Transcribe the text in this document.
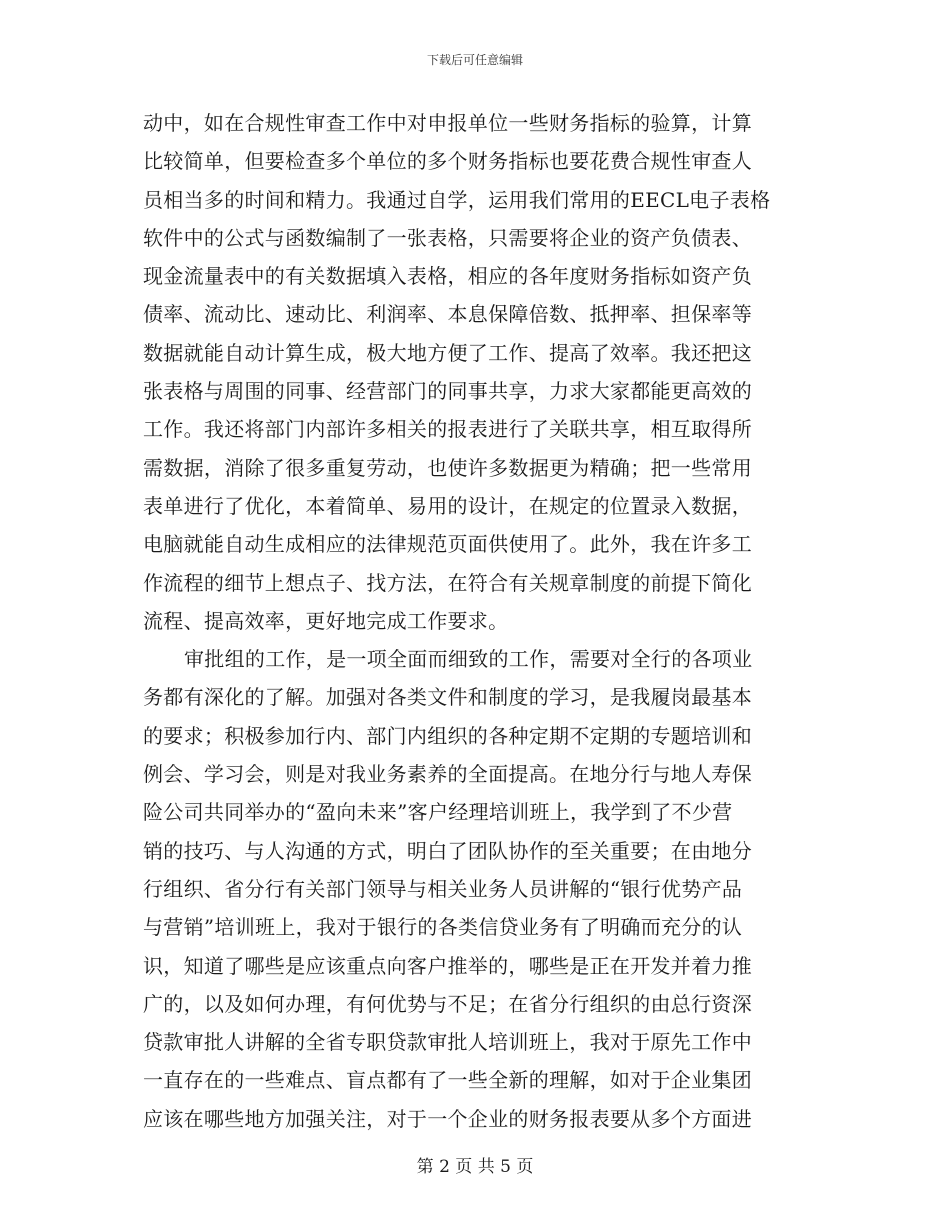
下载后可任意编辑
动中，如在合规性审查工作中对申报单位一些财务指标的验算，计算
比较简单，但要检查多个单位的多个财务指标也要花费合规性审查人
员相当多的时间和精力。我通过自学，运用我们常用的EECL电子表格
软件中的公式与函数编制了一张表格，只需要将企业的资产负债表、
现金流量表中的有关数据填入表格，相应的各年度财务指标如资产负
债率、流动比、速动比、利润率、本息保障倍数、抵押率、担保率等
数据就能自动计算生成，极大地方便了工作、提高了效率。我还把这
张表格与周围的同事、经营部门的同事共享，力求大家都能更高效的
工作。我还将部门内部许多相关的报表进行了关联共享，相互取得所
需数据，消除了很多重复劳动，也使许多数据更为精确；把一些常用
表单进行了优化，本着简单、易用的设计，在规定的位置录入数据，
电脑就能自动生成相应的法律规范页面供使用了。此外，我在许多工
作流程的细节上想点子、找方法，在符合有关规章制度的前提下简化
流程、提高效率，更好地完成工作要求。
审批组的工作，是一项全面而细致的工作，需要对全行的各项业
务都有深化的了解。加强对各类文件和制度的学习，是我履岗最基本
的要求；积极参加行内、部门内组织的各种定期不定期的专题培训和
例会、学习会，则是对我业务素养的全面提高。在地分行与地人寿保
险公司共同举办的“盈向未来”客户经理培训班上，我学到了不少营
销的技巧、与人沟通的方式，明白了团队协作的至关重要；在由地分
行组织、省分行有关部门领导与相关业务人员讲解的“银行优势产品
与营销”培训班上，我对于银行的各类信贷业务有了明确而充分的认
识，知道了哪些是应该重点向客户推举的，哪些是正在开发并着力推
广的，以及如何办理，有何优势与不足；在省分行组织的由总行资深
贷款审批人讲解的全省专职贷款审批人培训班上，我对于原先工作中
一直存在的一些难点、盲点都有了一些全新的理解，如对于企业集团
应该在哪些地方加强关注，对于一个企业的财务报表要从多个方面进
第 2 页 共 5 页
